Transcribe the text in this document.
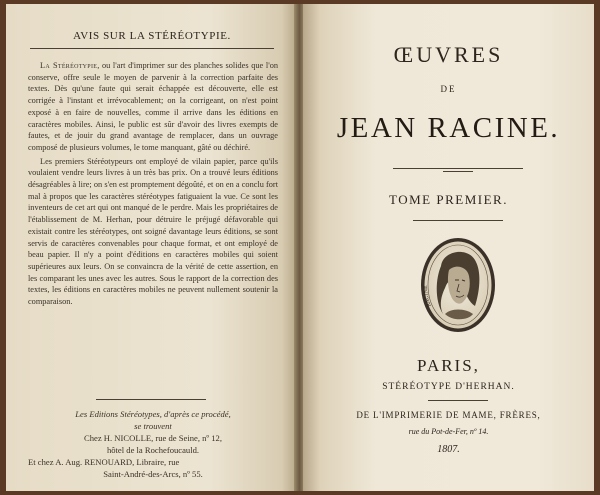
AVIS SUR LA STÉRÉOTYPIE.

La Stéréotypie, ou l'art d'imprimer sur des planches solides que l'on conserve, offre seule le moyen de parvenir à la correction parfaite des textes. Dès qu'une faute qui serait échappée est découverte, elle est corrigée à l'instant et irrévocablement; on la corrigeant, on n'est point exposé à en faire de nouvelles, comme il arrive dans les éditions en caractères mobiles. Ainsi, le public est sûr d'avoir des livres exempts de fautes, et de jouir du grand avantage de remplacer, dans un ouvrage composé de plusieurs volumes, le tome manquant, gâté ou déchiré.

Les premiers Stéréotypeurs ont employé de vilain papier, parce qu'ils voulaient vendre leurs livres à un très bas prix. On a trouvé leurs éditions désagréables à lire; on s'en est promptement dégoûté, et on en a conclu fort mal à propos que les caractères stéréotypes fatiguaient la vue. Ce sont les inventeurs de cet art qui ont manqué de le perdre. Mais les propriétaires de l'établissement de M. Herhan, pour détruire le préjugé défavorable qui existait contre les stéréotypes, ont soigné davantage leurs éditions, se sont servis de caractères convenables pour chaque format, et ont employé de beau papier. Il n'y a point d'éditions en caractères mobiles qui soient supérieures aux leurs. On se convaincra de la vérité de cette assertion, en les comparant les unes avec les autres. Sous le rapport de la correction des textes, les éditions en caractères mobiles ne peuvent nullement soutenir la comparaison.

Les Editions Stéréotypes, d'après ce procédé,
se trouvent
Chez H. NICOLLE, rue de Seine, nº 12,
hôtel de la Rochefoucauld.
Et chez A. Aug. RENOUARD, Libraire, rue
Saint-André-des-Arcs, nº 55.
ŒUVRES
DE
JEAN RACINE.
TOME PREMIER.
RACINE
PARIS,
STÉRÉOTYPE D'HERHAN.
DE L'IMPRIMERIE DE MAME, FRÈRES,
rue du Pot-de-Fer, nº 14.
1807.
